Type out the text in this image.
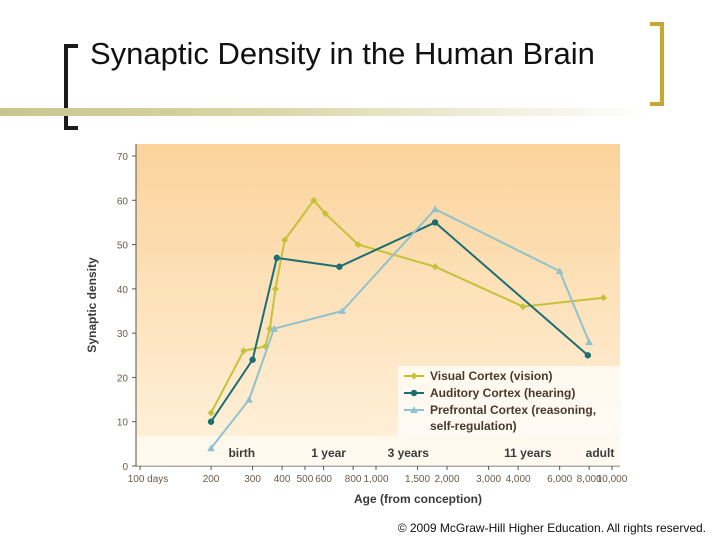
Synaptic Density in the Human Brain
0
10
20
30
40
50
60
70
100 days	200 300 400 500 600 800 1,000 1,500 2,000 3,000 4,000 6,000 8,000
10,000
birth	1 year	3 years	11 years	adult
Visual Cortex (vision)
Auditory Cortex (hearing)
Prefrontal Cortex (reasoning,
self-regulation)
Synaptic density
Age (from conception)
© 2009 McGraw-Hill Higher Education. All rights reserved.
